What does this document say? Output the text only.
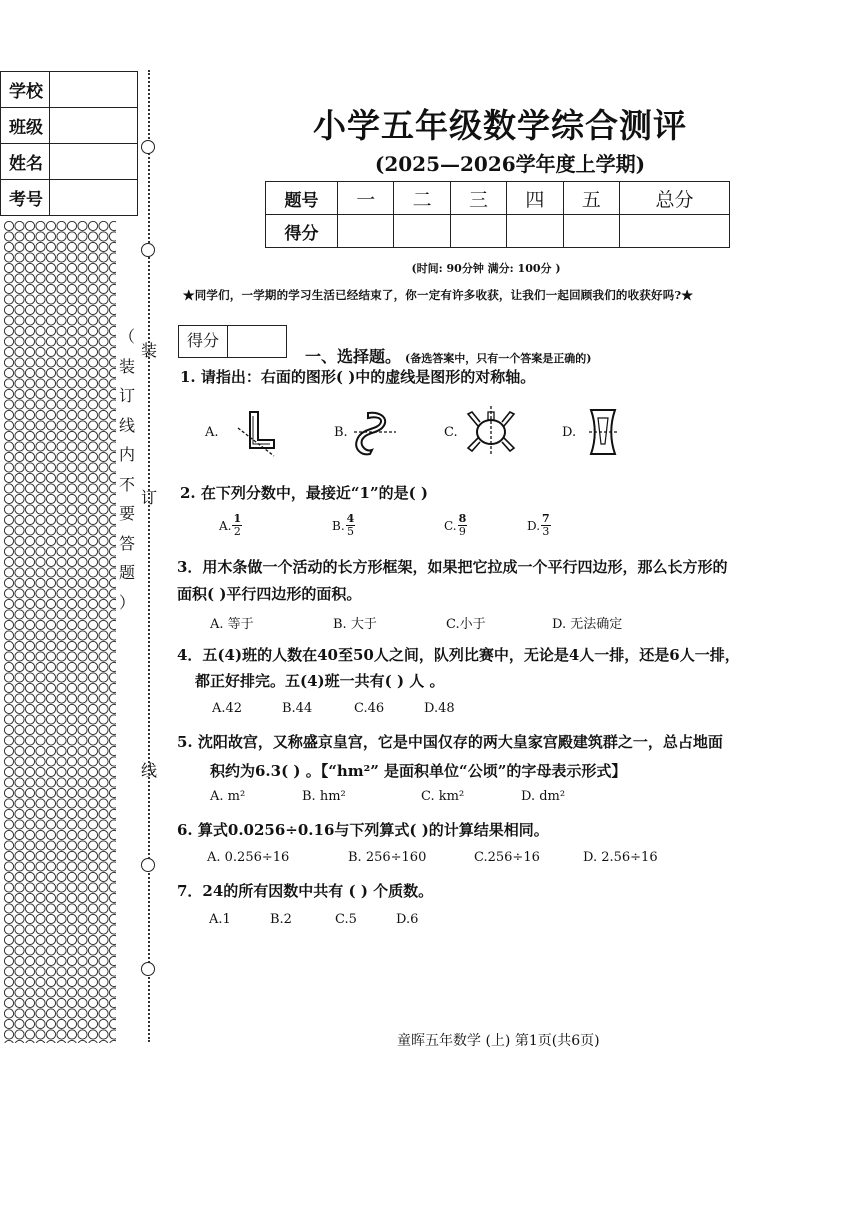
学校	
班级	
姓名	
考号	
（
装
订
线
内
不
要
答
题
）
装

订

线
小学五年级数学综合测评
(2025—2026学年度上学期)
题号	一	二	三	四	五	总分
得分						
(时间: 90分钟 满分: 100分 )
★同学们，一学期的学习生活已经结束了，你一定有许多收获，让我们一起回顾我们的收获好吗?★
得分
一、选择题。 (备选答案中，只有一个答案是正确的)
1. 请指出：右面的图形( )中的虚线是图形的对称轴。
A.	B.	C.	D.
2. 在下列分数中，最接近“1”的是( )
A. $\frac{1}{2}$	B. $\frac{4}{5}$	C. $\frac{8}{9}$	D. $\frac{7}{3}$
3．用木条做一个活动的长方形框架，如果把它拉成一个平行四边形，那么长方形的
面积( )平行四边形的面积。
A. 等于	B. 大于	C.小于	D. 无法确定
4．五(4)班的人数在40至50人之间，队列比赛中，无论是4人一排，还是6人一排，
都正好排完。五(4)班一共有( ) 人 。
A.42	B.44	C.46	D.48
5. 沈阳故宫，又称盛京皇宫，它是中国仅存的两大皇家宫殿建筑群之一，总占地面
积约为6.3( ) 。【“hm²” 是面积单位“公顷”的字母表示形式】
A. m²	B. hm²	C. km²	D. dm²
6. 算式0.0256÷0.16与下列算式( )的计算结果相同。
A. 0.256÷16	B. 256÷160	C.256÷16	D. 2.56÷16
7．24的所有因数中共有 ( ) 个质数。
A.1	B.2	C.5	D.6
童晖五年数学 (上) 第1页(共6页)
